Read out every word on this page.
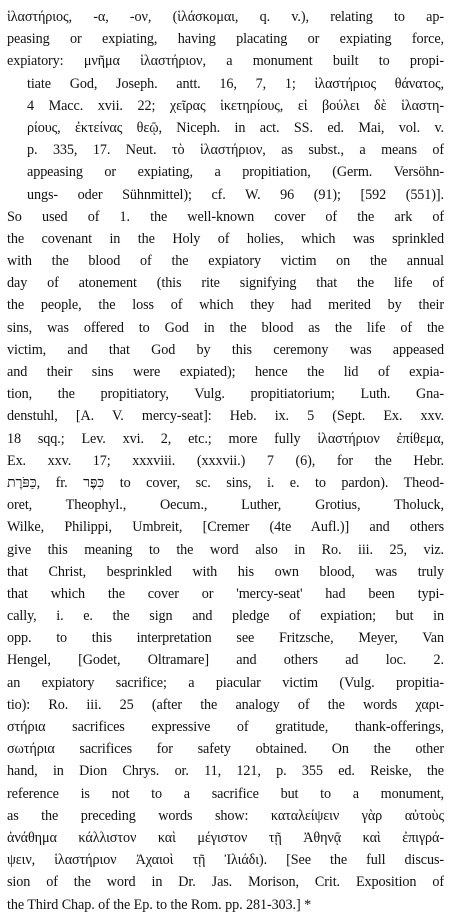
ἱλαστήριος, -α, -ον, (ἱλάσκομαι, q. v.), relating to ap-
peasing or expiating, having placating or expiating force,
expiatory: μνῆμα ἱλαστήριον, a monument built to propi-
tiate God, Joseph. antt. 16, 7, 1; ἱλαστήριος θάνατος,
4 Macc. xvii. 22; χεῖρας ἱκετηρίους, εἰ βούλει δὲ ἱλαστη-
ρίους, ἐκτείνας θεῷ, Niceph. in act. SS. ed. Mai, vol. v.
p. 335, 17. Neut. τὸ ἱλαστήριον, as subst., a means of
appeasing or expiating, a propitiation, (Germ. Versöhn-
ungs- oder Sühnmittel); cf. W. 96 (91); [592 (551)].
So used of 1. the well-known cover of the ark of
the covenant in the Holy of holies, which was sprinkled
with the blood of the expiatory victim on the annual
day of atonement (this rite signifying that the life of
the people, the loss of which they had merited by their
sins, was offered to God in the blood as the life of the
victim, and that God by this ceremony was appeased
and their sins were expiated); hence the lid of expia-
tion, the propitiatory, Vulg. propitiatorium; Luth. Gna-
denstuhl, [A. V. mercy-seat]: Heb. ix. 5 (Sept. Ex. xxv.
18 sqq.; Lev. xvi. 2, etc.; more fully ἱλαστήριον ἐπίθεμα,
Ex. xxv. 17; xxxviii. (xxxvii.) 7 (6), for the Hebr.
כַּפֹּרֶת, fr. כִּפֶּר to cover, sc. sins, i. e. to pardon). Theod-
oret, Theophyl., Oecum., Luther, Grotius, Tholuck,
Wilke, Philippi, Umbreit, [Cremer (4te Aufl.)] and others
give this meaning to the word also in Ro. iii. 25, viz.
that Christ, besprinkled with his own blood, was truly
that which the cover or 'mercy-seat' had been typi-
cally, i. e. the sign and pledge of expiation; but in
opp. to this interpretation see Fritzsche, Meyer, Van
Hengel, [Godet, Oltramare] and others ad loc. 2.
an expiatory sacrifice; a piacular victim (Vulg. propitia-
tio): Ro. iii. 25 (after the analogy of the words χαρι-
στήρια sacrifices expressive of gratitude, thank-offerings,
σωτήρια sacrifices for safety obtained. On the other
hand, in Dion Chrys. or. 11, 121, p. 355 ed. Reiske, the
reference is not to a sacrifice but to a monument,
as the preceding words show: καταλείψειν γὰρ αὐτοὺς
ἀνάθημα κάλλιστον καὶ μέγιστον τῇ Ἀθηνᾷ καὶ ἐπιγρά-
ψειν, ἱλαστήριον Ἀχαιοὶ τῇ Ἰλιάδι). [See the full discus-
sion of the word in Dr. Jas. Morison, Crit. Exposition of
the Third Chap. of the Ep. to the Rom. pp. 281-303.] *
